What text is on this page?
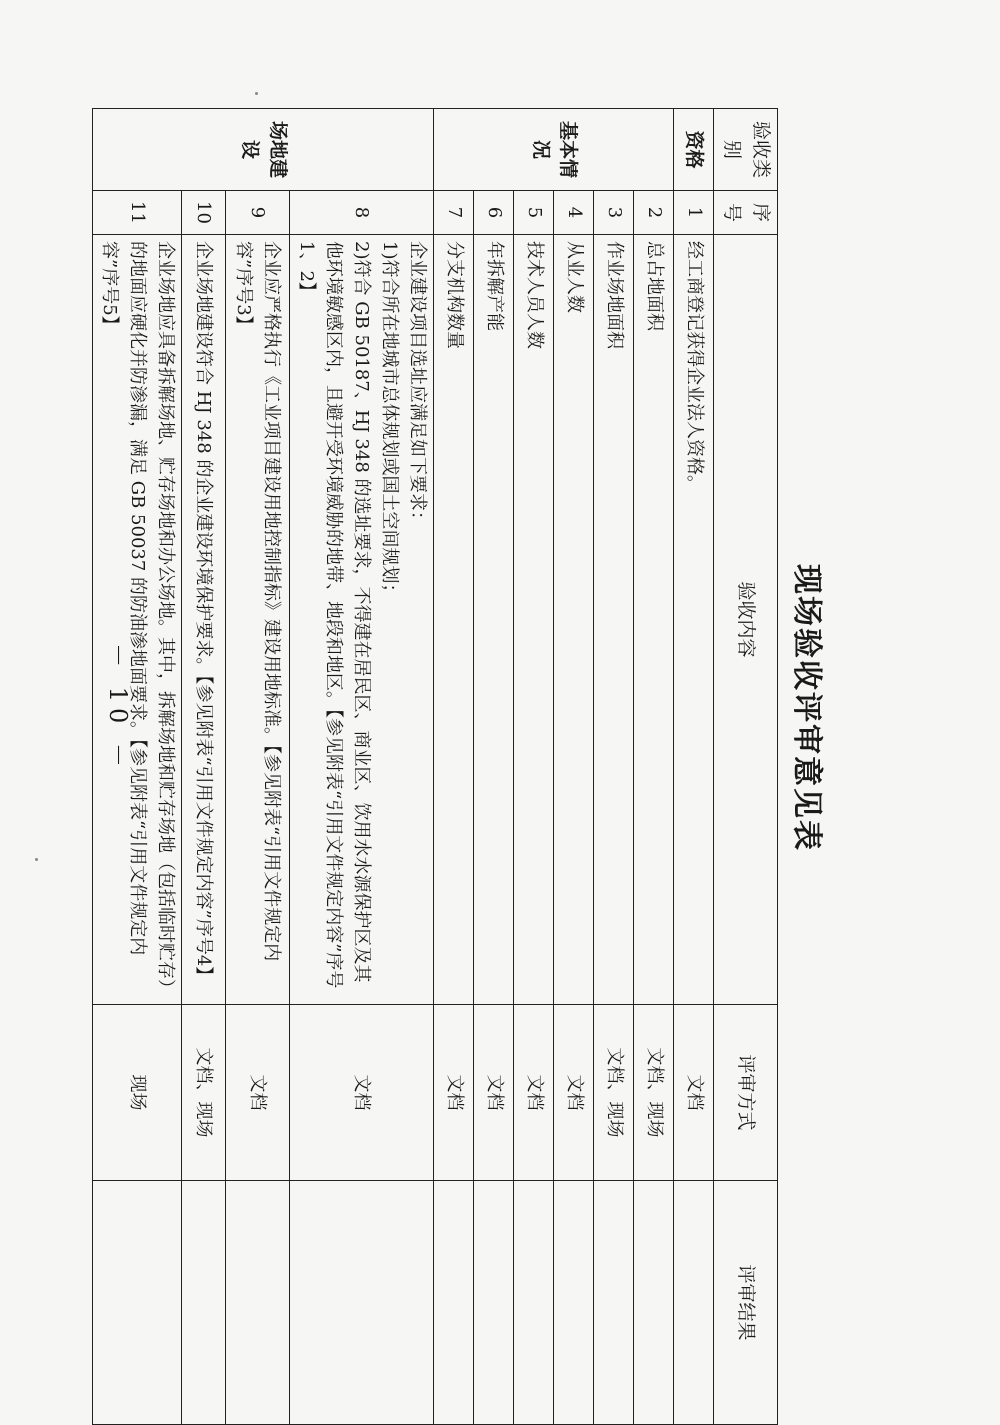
现场验收评审意见表
验收类别	序号	验收内容	评审方式	评审结果
资格	1	经工商登记获得企业法人资格。	文档	
基本情况	2	总占地面积	文档、现场	
	3	作业场地面积	文档、现场	
	4	从业人数	文档	
	5	技术人员人数	文档	
	6	年拆解产能	文档	
	7	分支机构数量	文档	
场地建设	8	企业建设项目选址应满足如下要求：
1)符合所在地城市总体规划或国土空间规划；
2)符合 GB 50187、HJ 348 的选址要求，不得建在居民区、商业区、饮用水水源保护区及其他环境敏感区内，且避开受环境威胁的地带、地段和地区。【参见附表“引用文件规定内容”序号1、2】	文档	
	9	企业应严格执行《工业项目建设用地控制指标》建设用地标准。【参见附表“引用文件规定内容”序号3】	文档	
	10	企业场地建设符合 HJ 348 的企业建设环境保护要求。【参见附表“引用文件规定内容”序号4】	文档、现场	
	11	企业场地应具备拆解场地、贮存场地和办公场地。其中，拆解场地和贮存场地（包括临时贮存）的地面应硬化并防渗漏，满足 GB 50037 的防油渗地面要求。【参见附表“引用文件规定内容”序号5】	现场	
－ 10 －
